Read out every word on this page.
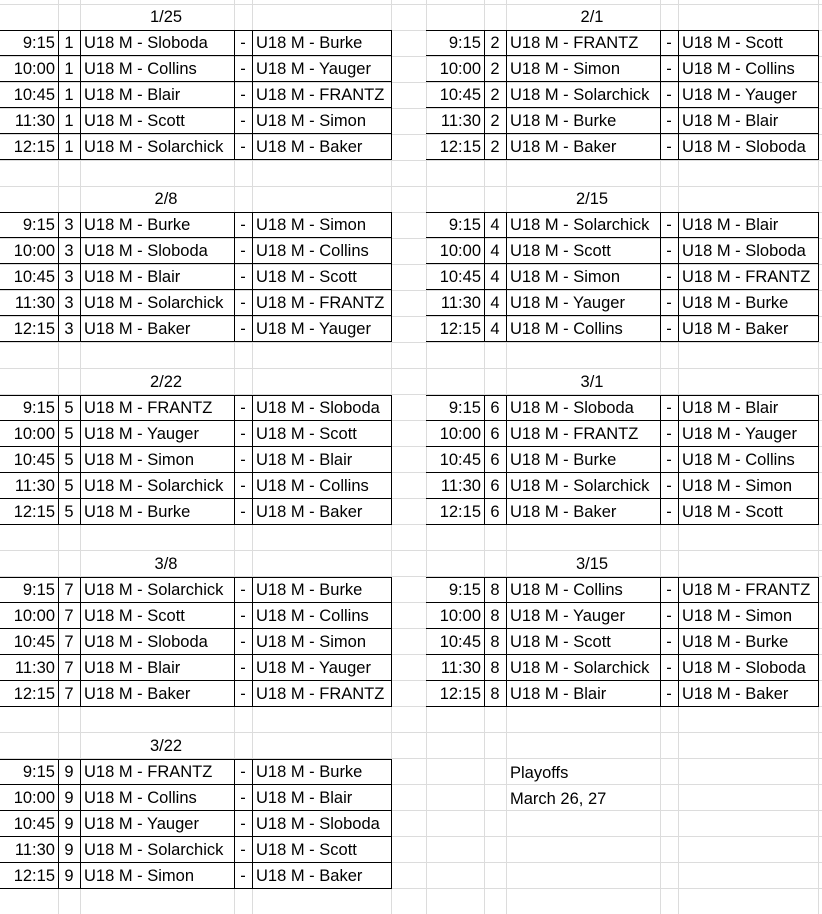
1/25
9:15 1 U18 M - Sloboda	- U18 M - Burke
10:00 1 U18 M - Collins	- U18 M - Yauger
10:45 1 U18 M - Blair	- U18 M - FRANTZ
11:30 1 U18 M - Scott	- U18 M - Simon
12:15 1 U18 M - Solarchick	- U18 M - Baker
2/1
9:15 2 U18 M - FRANTZ	- U18 M - Scott
10:00 2 U18 M - Simon	- U18 M - Collins
10:45 2 U18 M - Solarchick	- U18 M - Yauger
11:30 2 U18 M - Burke	- U18 M - Blair
12:15 2 U18 M - Baker	- U18 M - Sloboda
2/8
9:15 3 U18 M - Burke	- U18 M - Simon
10:00 3 U18 M - Sloboda	- U18 M - Collins
10:45 3 U18 M - Blair	- U18 M - Scott
11:30 3 U18 M - Solarchick	- U18 M - FRANTZ
12:15 3 U18 M - Baker	- U18 M - Yauger
2/15
9:15 4 U18 M - Solarchick	- U18 M - Blair
10:00 4 U18 M - Scott	- U18 M - Sloboda
10:45 4 U18 M - Simon	- U18 M - FRANTZ
11:30 4 U18 M - Yauger	- U18 M - Burke
12:15 4 U18 M - Collins	- U18 M - Baker
2/22
9:15 5 U18 M - FRANTZ	- U18 M - Sloboda
10:00 5 U18 M - Yauger	- U18 M - Scott
10:45 5 U18 M - Simon	- U18 M - Blair
11:30 5 U18 M - Solarchick	- U18 M - Collins
12:15 5 U18 M - Burke	- U18 M - Baker
3/1
9:15 6 U18 M - Sloboda	- U18 M - Blair
10:00 6 U18 M - FRANTZ	- U18 M - Yauger
10:45 6 U18 M - Burke	- U18 M - Collins
11:30 6 U18 M - Solarchick	- U18 M - Simon
12:15 6 U18 M - Baker	- U18 M - Scott
3/8
9:15 7 U18 M - Solarchick	- U18 M - Burke
10:00 7 U18 M - Scott	- U18 M - Collins
10:45 7 U18 M - Sloboda	- U18 M - Simon
11:30 7 U18 M - Blair	- U18 M - Yauger
12:15 7 U18 M - Baker	- U18 M - FRANTZ
3/15
9:15 8 U18 M - Collins	- U18 M - FRANTZ
10:00 8 U18 M - Yauger	- U18 M - Simon
10:45 8 U18 M - Scott	- U18 M - Burke
11:30 8 U18 M - Solarchick	- U18 M - Sloboda
12:15 8 U18 M - Blair	- U18 M - Baker
3/22
9:15 9 U18 M - FRANTZ	- U18 M - Burke
10:00 9 U18 M - Collins	- U18 M - Blair
10:45 9 U18 M - Yauger	- U18 M - Sloboda
11:30 9 U18 M - Solarchick	- U18 M - Scott
12:15 9 U18 M - Simon	- U18 M - Baker
Playoffs
March 26, 27
